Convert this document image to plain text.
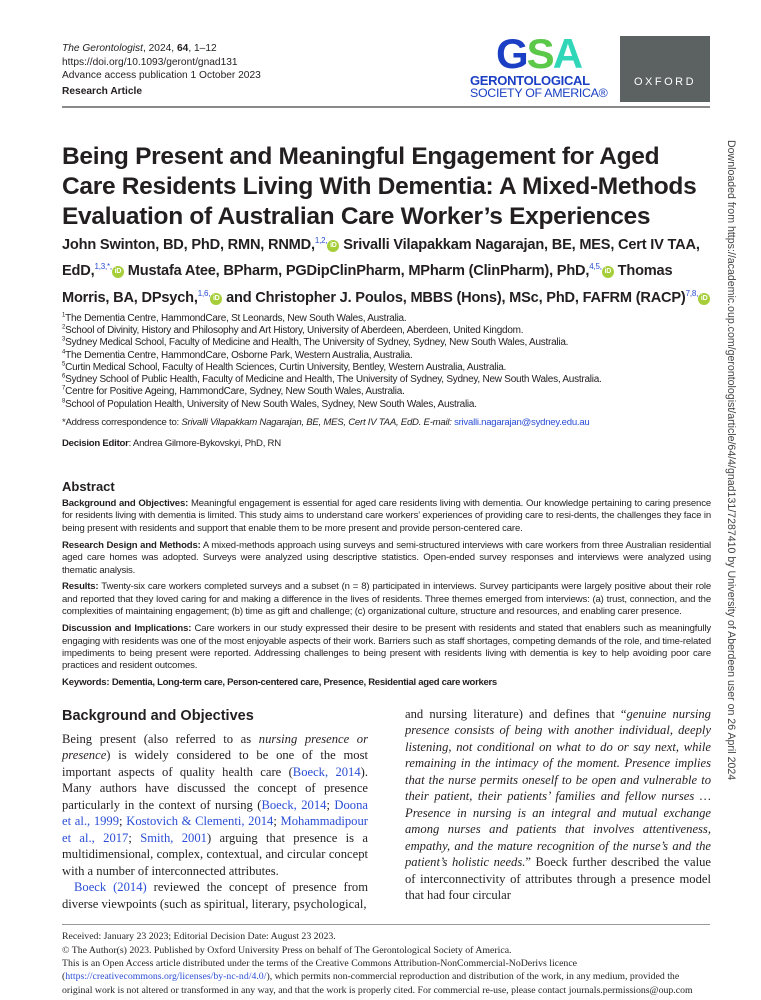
The Gerontologist, 2024, 64, 1–12
https://doi.org/10.1093/geront/gnad131
Advance access publication 1 October 2023
Research Article
GSA
GERONTOLOGICAL
SOCIETY OF AMERICA®
OXFORD
Being Present and Meaningful Engagement for Aged Care Residents Living With Dementia: A Mixed-Methods Evaluation of Australian Care Worker’s Experiences
John Swinton, BD, PhD, RMN, RNMD,$^{1,2,}$iD Srivalli Vilapakkam Nagarajan, BE, MES, Cert IV TAA, EdD,$^{1,3,*,}$iD Mustafa Atee, BPharm, PGDipClinPharm, MPharm (ClinPharm), PhD,$^{4,5,}$iD Thomas Morris, BA, DPsych,$^{1,6,}$iD and Christopher J. Poulos, MBBS (Hons), MSc, PhD, FAFRM (RACP)$^{7,8,}$iD
$^1$The Dementia Centre, HammondCare, St Leonards, New South Wales, Australia.
$^2$School of Divinity, History and Philosophy and Art History, University of Aberdeen, Aberdeen, United Kingdom.
$^3$Sydney Medical School, Faculty of Medicine and Health, The University of Sydney, Sydney, New South Wales, Australia.
$^4$The Dementia Centre, HammondCare, Osborne Park, Western Australia, Australia.
$^5$Curtin Medical School, Faculty of Health Sciences, Curtin University, Bentley, Western Australia, Australia.
$^6$Sydney School of Public Health, Faculty of Medicine and Health, The University of Sydney, Sydney, New South Wales, Australia.
$^7$Centre for Positive Ageing, HammondCare, Sydney, New South Wales, Australia.
$^8$School of Population Health, University of New South Wales, Sydney, New South Wales, Australia.
*Address correspondence to: Srivalli Vilapakkam Nagarajan, BE, MES, Cert IV TAA, EdD. E-mail: srivalli.nagarajan@sydney.edu.au
Decision Editor: Andrea Gilmore-Bykovskyi, PhD, RN
Abstract

Background and Objectives: Meaningful engagement is essential for aged care residents living with dementia. Our knowledge pertaining to caring presence for residents living with dementia is limited. This study aims to understand care workers’ experiences of providing care to resi-dents, the challenges they face in being present with residents and support that enable them to be more present and provide person-centered care.

Research Design and Methods: A mixed-methods approach using surveys and semi-structured interviews with care workers from three Australian residential aged care homes was adopted. Surveys were analyzed using descriptive statistics. Open-ended survey responses and interviews were analyzed using thematic analysis.

Results: Twenty-six care workers completed surveys and a subset (n = 8) participated in interviews. Survey participants were largely positive about their role and reported that they loved caring for and making a difference in the lives of residents. Three themes emerged from interviews: (a) trust, connection, and the complexities of maintaining engagement; (b) time as gift and challenge; (c) organizational culture, structure and resources, and enabling carer presence.

Discussion and Implications: Care workers in our study expressed their desire to be present with residents and stated that enablers such as meaningfully engaging with residents was one of the most enjoyable aspects of their work. Barriers such as staff shortages, competing demands of the role, and time-related impediments to being present were reported. Addressing challenges to being present with residents living with dementia is key to help avoiding poor care practices and resident outcomes.

Keywords: Dementia, Long-term care, Person-centered care, Presence, Residential aged care workers

Background and Objectives

Being present (also referred to as nursing presence or presence) is widely considered to be one of the most important aspects of quality health care (Boeck, 2014). Many authors have discussed the concept of presence particularly in the context of nursing (Boeck, 2014; Doona et al., 1999; Kostovich & Clementi, 2014; Mohammadipour et al., 2017; Smith, 2001) arguing that presence is a multidimensional, complex, contextual, and circular concept with a number of interconnected attributes.

Boeck (2014) reviewed the concept of presence from diverse viewpoints (such as spiritual, literary, psychological,

and nursing literature) and defines that “genuine nursing presence consists of being with another individual, deeply listening, not conditional on what to do or say next, while remaining in the intimacy of the moment. Presence implies that the nurse permits oneself to be open and vulnerable to their patient, their patients’ families and fellow nurses … Presence in nursing is an integral and mutual exchange among nurses and patients that involves attentiveness, empathy, and the mature recognition of the nurse’s and the patient’s holistic needs.” Boeck further described the value of interconnectivity of attributes through a presence model that had four circular

Received: January 23 2023; Editorial Decision Date: August 23 2023.

© The Author(s) 2023. Published by Oxford University Press on behalf of The Gerontological Society of America.

This is an Open Access article distributed under the terms of the Creative Commons Attribution-NonCommercial-NoDerivs licence (https://creativecommons.org/licenses/by-nc-nd/4.0/), which permits non-commercial reproduction and distribution of the work, in any medium, provided the original work is not altered or transformed in any way, and that the work is properly cited. For commercial re-use, please contact journals.permissions@oup.com

Downloaded from https://academic.oup.com/gerontologist/article/64/4/gnad131/7287410 by University of Aberdeen user on 26 April 2024
